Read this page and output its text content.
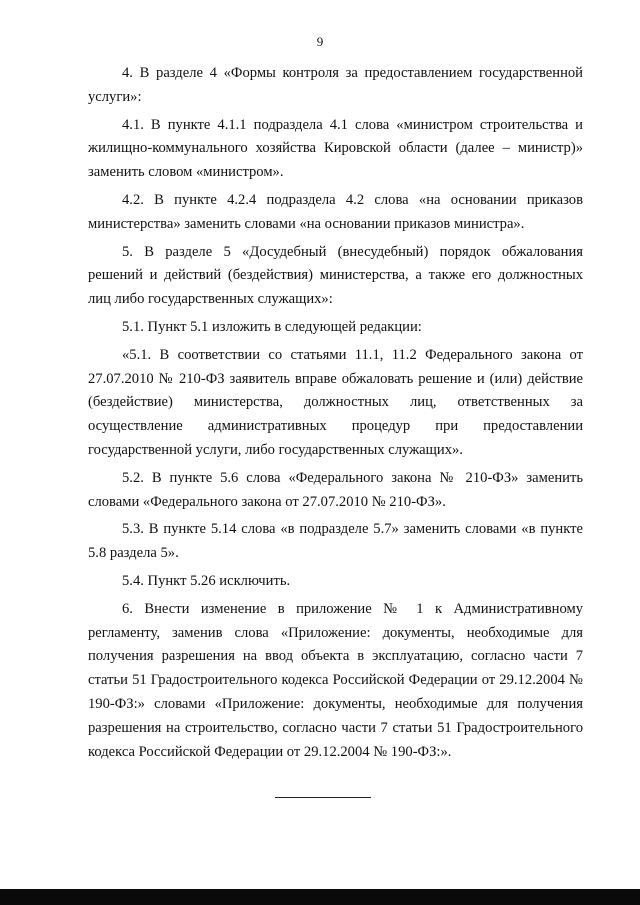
9

4. В разделе 4 «Формы контроля за предоставлением государственной услуги»:

4.1. В пункте 4.1.1 подраздела 4.1 слова «министром строительства и жилищно-коммунального хозяйства Кировской области (далее – министр)» заменить словом «министром».

4.2. В пункте 4.2.4 подраздела 4.2 слова «на основании приказов министерства» заменить словами «на основании приказов министра».

5. В разделе 5 «Досудебный (внесудебный) порядок обжалования решений и действий (бездействия) министерства, а также его должностных лиц либо государственных служащих»:

5.1. Пункт 5.1 изложить в следующей редакции:

«5.1. В соответствии со статьями 11.1, 11.2 Федерального закона от 27.07.2010 № 210-ФЗ заявитель вправе обжаловать решение и (или) действие (бездействие) министерства, должностных лиц, ответственных за осуществление административных процедур при предоставлении государственной услуги, либо государственных служащих».

5.2. В пункте 5.6 слова «Федерального закона № 210-ФЗ» заменить словами «Федерального закона от 27.07.2010 № 210-ФЗ».

5.3. В пункте 5.14 слова «в подразделе 5.7» заменить словами «в пункте 5.8 раздела 5».

5.4. Пункт 5.26 исключить.

6. Внести изменение в приложение № 1 к Административному регламенту, заменив слова «Приложение: документы, необходимые для получения разрешения на ввод объекта в эксплуатацию, согласно части 7 статьи 51 Градостроительного кодекса Российской Федерации от 29.12.2004 № 190-ФЗ:» словами «Приложение: документы, необходимые для получения разрешения на строительство, согласно части 7 статьи 51 Градостроительного кодекса Российской Федерации от 29.12.2004 № 190-ФЗ:».
